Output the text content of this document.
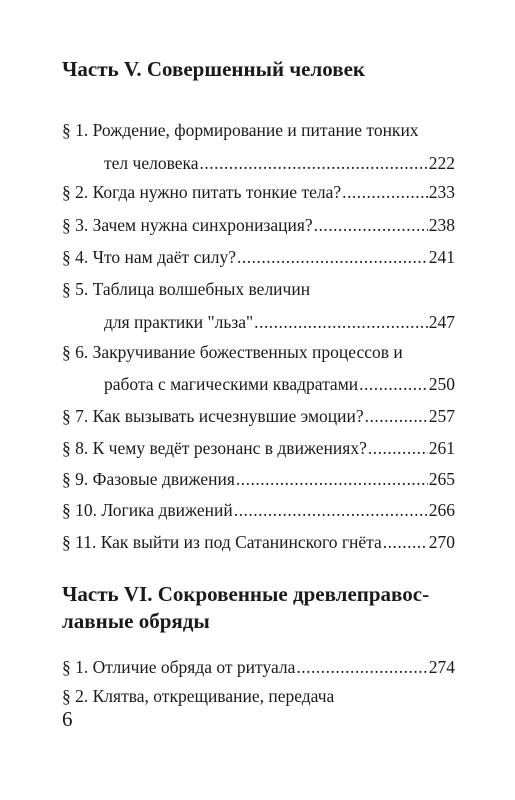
Часть V. Совершенный человек
§ 1. Рождение, формирование и питание тонких
тел человека .....	222
§ 2. Когда нужно питать тонкие тела? .....	233
§ 3. Зачем нужна синхронизация? .....	238
§ 4. Что нам даёт силу? .....	241
§ 5. Таблица волшебных величин
для практики "льза" .....	247
§ 6. Закручивание божественных процессов и
работа с магическими квадратами .....	250
§ 7. Как вызывать исчезнувшие эмоции? .....	257
§ 8. К чему ведёт резонанс в движениях? .....	261
§ 9. Фазовые движения .....	265
§ 10. Логика движений .....	266
§ 11. Как выйти из под Сатанинского гнёта .....	270
Часть VI. Сокровенные древлеправос-
лавные обряды
§ 1. Отличие обряда от ритуала .....	274
§ 2. Клятва, открещивание, передача
6
